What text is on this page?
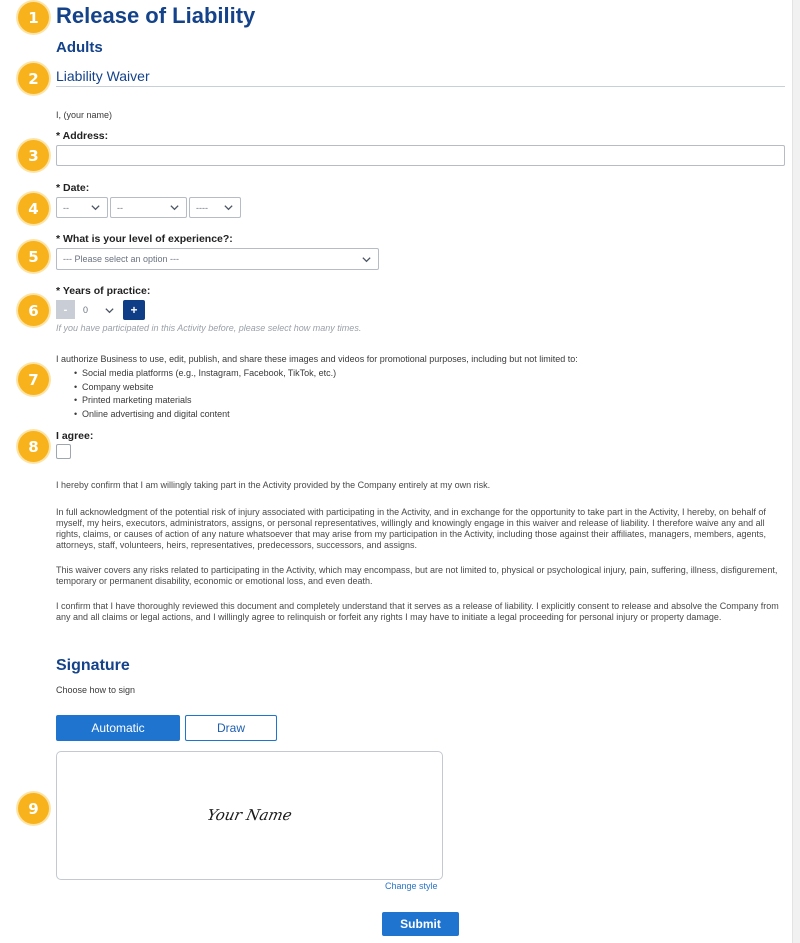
1
2
3
4
5
6
7
8
9
Release of Liability
Adults
Liability Waiver
I, (your name)
* Address:
* Date:
--	--	----
* What is your level of experience?:
--- Please select an option ---
* Years of practice:
-	0	+
If you have participated in this Activity before, please select how many times.
I authorize Business to use, edit, publish, and share these images and videos for promotional purposes, including but not limited to:
• Social media platforms (e.g., Instagram, Facebook, TikTok, etc.)
• Company website
• Printed marketing materials
• Online advertising and digital content
I agree:
I hereby confirm that I am willingly taking part in the Activity provided by the Company entirely at my own risk.
In full acknowledgment of the potential risk of injury associated with participating in the Activity, and in exchange for the opportunity to take part in the Activity, I hereby, on behalf of myself, my heirs, executors, administrators, assigns, or personal representatives, willingly and knowingly engage in this waiver and release of liability. I therefore waive any and all rights, claims, or causes of action of any nature whatsoever that may arise from my participation in the Activity, including those against their affiliates, managers, members, agents, attorneys, staff, volunteers, heirs, representatives, predecessors, successors, and assigns.
This waiver covers any risks related to participating in the Activity, which may encompass, but are not limited to, physical or psychological injury, pain, suffering, illness, disfigurement, temporary or permanent disability, economic or emotional loss, and even death.
I confirm that I have thoroughly reviewed this document and completely understand that it serves as a release of liability. I explicitly consent to release and absolve the Company from any and all claims or legal actions, and I willingly agree to relinquish or forfeit any rights I may have to initiate a legal proceeding for personal injury or property damage.
Signature
Choose how to sign
Automatic	Draw
Your Name
Change style
Submit
